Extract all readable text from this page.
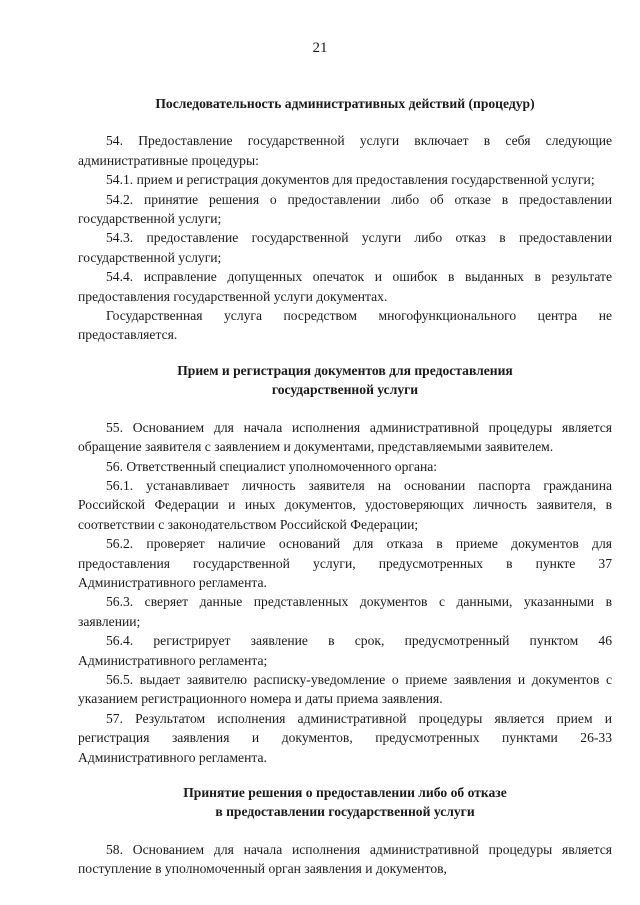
21
Последовательность административных действий (процедур)

54. Предоставление государственной услуги включает в себя следующие административные процедуры:

54.1. прием и регистрация документов для предоставления государственной услуги;

54.2. принятие решения о предоставлении либо об отказе в предоставлении государственной услуги;

54.3. предоставление государственной услуги либо отказ в предоставлении государственной услуги;

54.4. исправление допущенных опечаток и ошибок в выданных в результате предоставления государственной услуги документах.

Государственная услуга посредством многофункционального центра не предоставляется.

Прием и регистрация документов для предоставления
государственной услуги

55. Основанием для начала исполнения административной процедуры является обращение заявителя с заявлением и документами, представляемыми заявителем.

56. Ответственный специалист уполномоченного органа:

56.1. устанавливает личность заявителя на основании паспорта гражданина Российской Федерации и иных документов, удостоверяющих личность заявителя, в соответствии с законодательством Российской Федерации;

56.2. проверяет наличие оснований для отказа в приеме документов для предоставления государственной услуги, предусмотренных в пункте 37 Административного регламента.

56.3. сверяет данные представленных документов с данными, указанными в заявлении;

56.4. регистрирует заявление в срок, предусмотренный пунктом 46 Административного регламента;

56.5. выдает заявителю расписку-уведомление о приеме заявления и документов с указанием регистрационного номера и даты приема заявления.

57. Результатом исполнения административной процедуры является прием и регистрация заявления и документов, предусмотренных пунктами 26-33 Административного регламента.

Принятие решения о предоставлении либо об отказе
в предоставлении государственной услуги

58. Основанием для начала исполнения административной процедуры является поступление в уполномоченный орган заявления и документов,
